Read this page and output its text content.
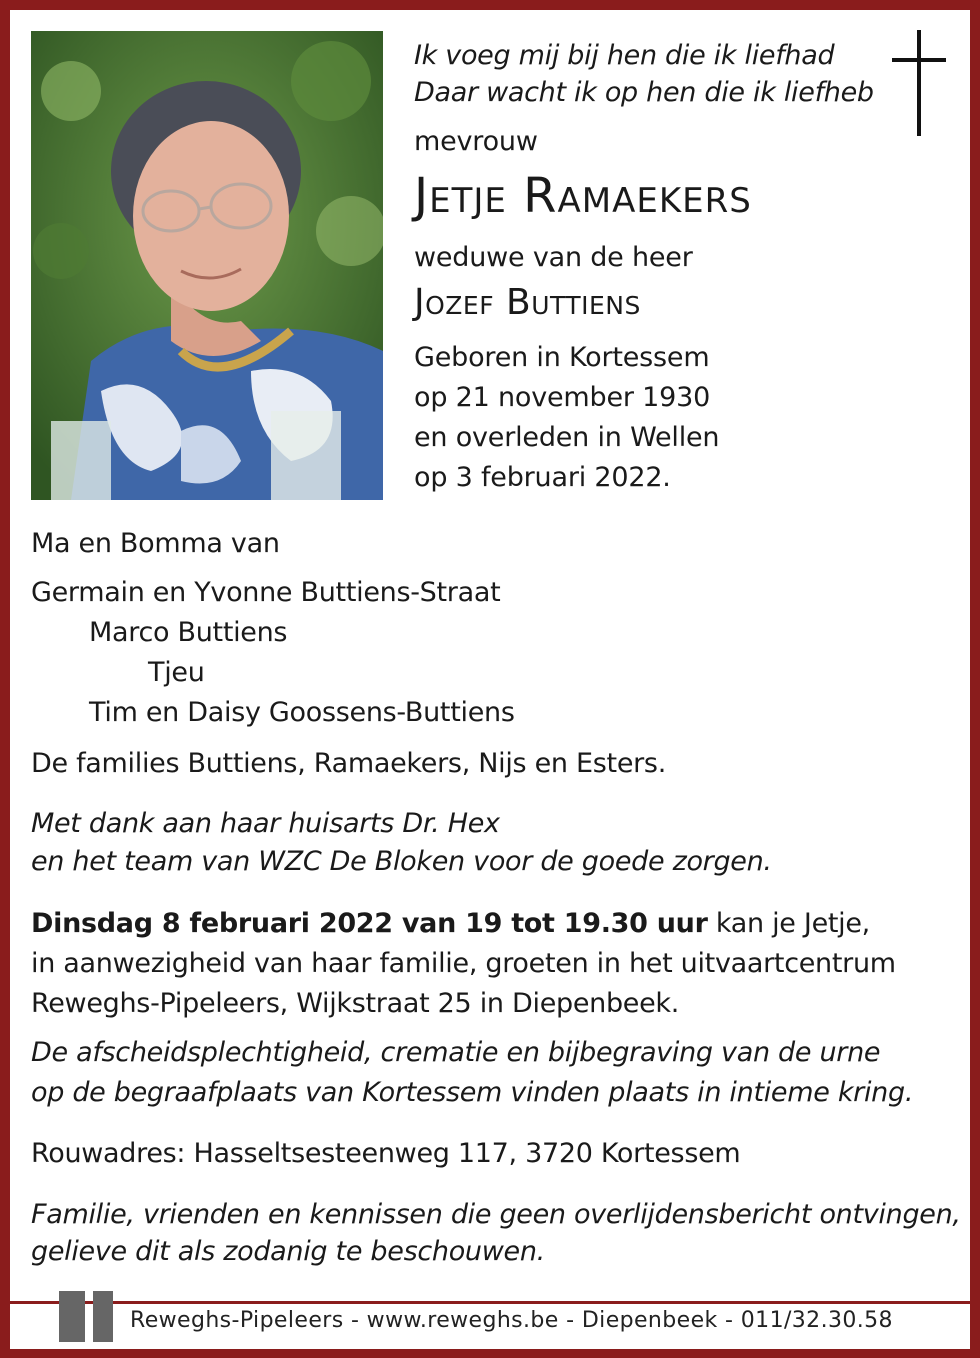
Ik voeg mij bij hen die ik liefhad
Daar wacht ik op hen die ik liefheb
mevrouw
Jetje Ramaekers
weduwe van de heer
Jozef Buttiens
Geboren in Kortessem
op 21 november 1930
en overleden in Wellen
op 3 februari 2022.
Ma en Bomma van
Germain en Yvonne Buttiens-Straat
Marco Buttiens
Tjeu
Tim en Daisy Goossens-Buttiens
De families Buttiens, Ramaekers, Nijs en Esters.
Met dank aan haar huisarts Dr. Hex
en het team van WZC De Bloken voor de goede zorgen.
Dinsdag 8 februari 2022 van 19 tot 19.30 uur kan je Jetje,
in aanwezigheid van haar familie, groeten in het uitvaartcentrum
Reweghs-Pipeleers, Wijkstraat 25 in Diepenbeek.
De afscheidsplechtigheid, crematie en bijbegraving van de urne
op de begraafplaats van Kortessem vinden plaats in intieme kring.
Rouwadres: Hasseltsesteenweg 117, 3720 Kortessem
Familie, vrienden en kennissen die geen overlijdensbericht ontvingen,
gelieve dit als zodanig te beschouwen.
Reweghs-Pipeleers - www.reweghs.be - Diepenbeek - 011/32.30.58
